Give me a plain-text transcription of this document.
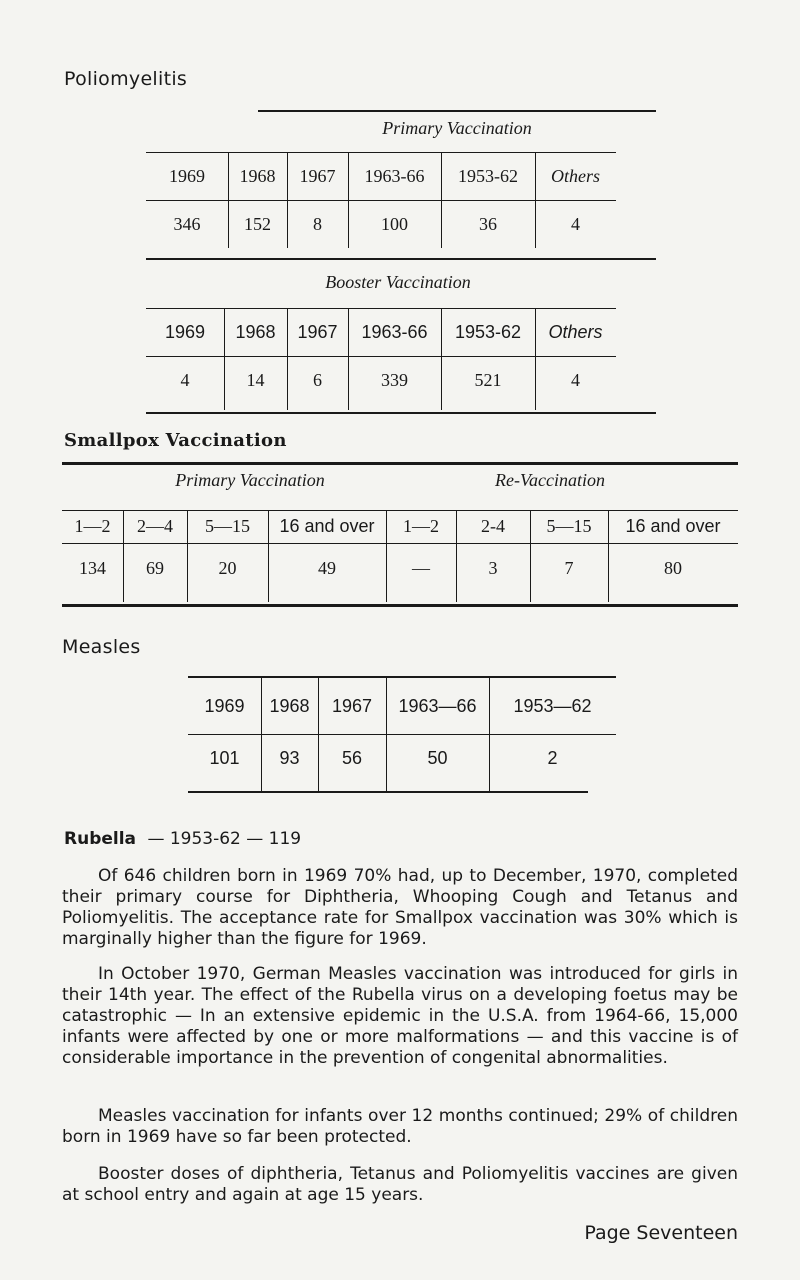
Poliomyelitis
Primary Vaccination
1969	1968	1967	1963-66	1953-62	Others
346	152	8	100	36	4
Booster Vaccination
1969	1968	1967	1963-66	1953-62	Others
4	14	6	339	521	4
Smallpox Vaccination
Primary Vaccination	Re-Vaccination
1—2	2—4	5—15	16 and over	1—2	2-4	5—15	16 and over
134	69	20	49	—	3	7	80
Measles
1969	1968	1967	1963—66	1953—62
101	93	56	50	2
Rubella — 1953-62 — 119
Of 646 children born in 1969 70% had, up to December, 1970, completed their primary course for Diphtheria, Whooping Cough and Tetanus and Poliomyelitis. The acceptance rate for Smallpox vaccination was 30% which is marginally higher than the figure for 1969.
In October 1970, German Measles vaccination was introduced for girls in their 14th year. The effect of the Rubella virus on a developing foetus may be catastrophic — In an extensive epidemic in the U.S.A. from 1964-66, 15,000 infants were affected by one or more malformations — and this vaccine is of considerable importance in the prevention of congenital abnormalities.
Measles vaccination for infants over 12 months continued; 29% of children born in 1969 have so far been protected.
Booster doses of diphtheria, Tetanus and Poliomyelitis vaccines are given at school entry and again at age 15 years.
Page Seventeen
